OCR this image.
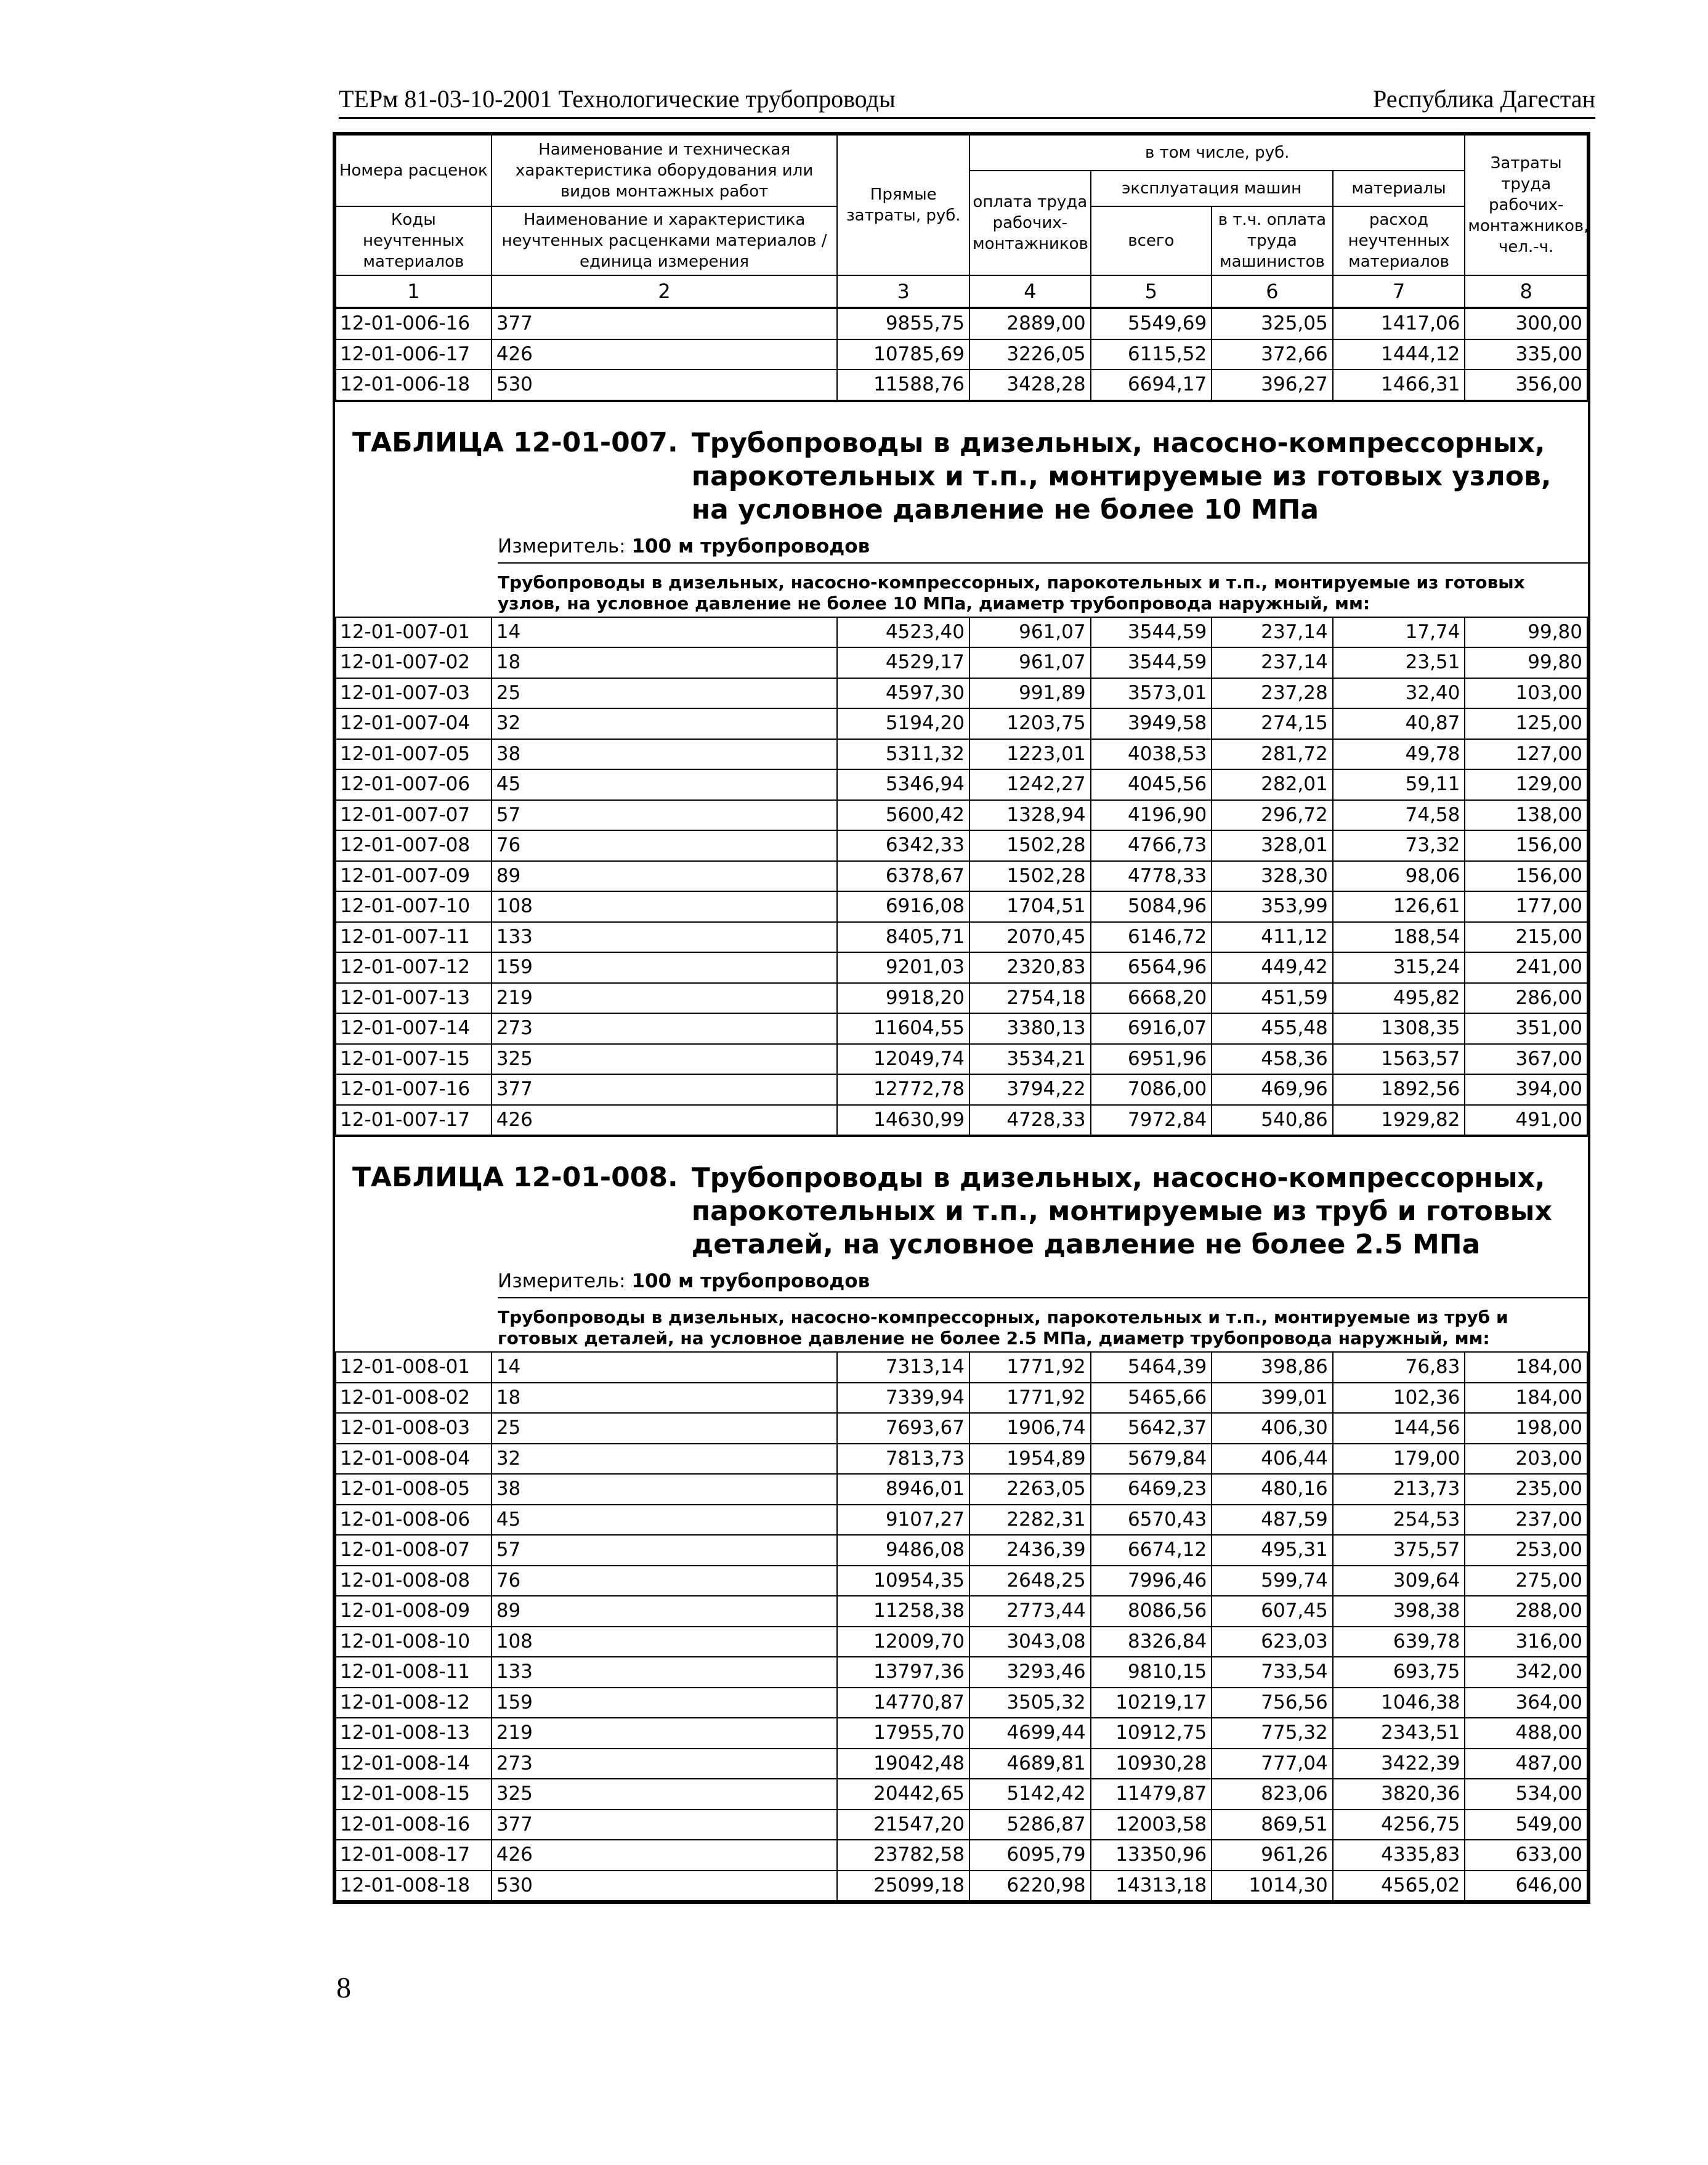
ТЕРм 81-03-10-2001 Технологические трубопроводы	Республика Дагестан
Номера расценок	Наименование и техническая характеристика оборудования или видов монтажных работ	Прямые затраты, руб.	в том числе, руб.				Затраты труда рабочих-монтажников, чел.-ч.
			оплата труда рабочих-монтажников	эксплуатация машин		материалы	
Коды неучтенных материалов	Наименование и характеристика неучтенных расценками материалов / единица измерения			всего	в т.ч. оплата труда машинистов	расход неучтенных материалов	

1	2	3	4	5	6	7	8
12-01-006-16	377	9855,75	2889,00	5549,69	325,05	1417,06	300,00
12-01-006-17	426	10785,69	3226,05	6115,52	372,66	1444,12	335,00
12-01-006-18	530	11588,76	3428,28	6694,17	396,27	1466,31	356,00
ТАБЛИЦА 12-01-007. Трубопроводы в дизельных, насосно-компрессорных, парокотельных и т.п., монтируемые из готовых узлов, на условное давление не более 10 МПа
Измеритель: 100 м трубопроводов
Трубопроводы в дизельных, насосно-компрессорных, парокотельных и т.п., монтируемые из готовых узлов, на условное давление не более 10 МПа, диаметр трубопровода наружный, мм:
12-01-007-01	14	4523,40	961,07	3544,59	237,14	17,74	99,80
12-01-007-02	18	4529,17	961,07	3544,59	237,14	23,51	99,80
12-01-007-03	25	4597,30	991,89	3573,01	237,28	32,40	103,00
12-01-007-04	32	5194,20	1203,75	3949,58	274,15	40,87	125,00
12-01-007-05	38	5311,32	1223,01	4038,53	281,72	49,78	127,00
12-01-007-06	45	5346,94	1242,27	4045,56	282,01	59,11	129,00
12-01-007-07	57	5600,42	1328,94	4196,90	296,72	74,58	138,00
12-01-007-08	76	6342,33	1502,28	4766,73	328,01	73,32	156,00
12-01-007-09	89	6378,67	1502,28	4778,33	328,30	98,06	156,00
12-01-007-10	108	6916,08	1704,51	5084,96	353,99	126,61	177,00
12-01-007-11	133	8405,71	2070,45	6146,72	411,12	188,54	215,00
12-01-007-12	159	9201,03	2320,83	6564,96	449,42	315,24	241,00
12-01-007-13	219	9918,20	2754,18	6668,20	451,59	495,82	286,00
12-01-007-14	273	11604,55	3380,13	6916,07	455,48	1308,35	351,00
12-01-007-15	325	12049,74	3534,21	6951,96	458,36	1563,57	367,00
12-01-007-16	377	12772,78	3794,22	7086,00	469,96	1892,56	394,00
12-01-007-17	426	14630,99	4728,33	7972,84	540,86	1929,82	491,00
ТАБЛИЦА 12-01-008. Трубопроводы в дизельных, насосно-компрессорных, парокотельных и т.п., монтируемые из труб и готовых деталей, на условное давление не более 2.5 МПа
Измеритель: 100 м трубопроводов
Трубопроводы в дизельных, насосно-компрессорных, парокотельных и т.п., монтируемые из труб и готовых деталей, на условное давление не более 2.5 МПа, диаметр трубопровода наружный, мм:
12-01-008-01	14	7313,14	1771,92	5464,39	398,86	76,83	184,00
12-01-008-02	18	7339,94	1771,92	5465,66	399,01	102,36	184,00
12-01-008-03	25	7693,67	1906,74	5642,37	406,30	144,56	198,00
12-01-008-04	32	7813,73	1954,89	5679,84	406,44	179,00	203,00
12-01-008-05	38	8946,01	2263,05	6469,23	480,16	213,73	235,00
12-01-008-06	45	9107,27	2282,31	6570,43	487,59	254,53	237,00
12-01-008-07	57	9486,08	2436,39	6674,12	495,31	375,57	253,00
12-01-008-08	76	10954,35	2648,25	7996,46	599,74	309,64	275,00
12-01-008-09	89	11258,38	2773,44	8086,56	607,45	398,38	288,00
12-01-008-10	108	12009,70	3043,08	8326,84	623,03	639,78	316,00
12-01-008-11	133	13797,36	3293,46	9810,15	733,54	693,75	342,00
12-01-008-12	159	14770,87	3505,32	10219,17	756,56	1046,38	364,00
12-01-008-13	219	17955,70	4699,44	10912,75	775,32	2343,51	488,00
12-01-008-14	273	19042,48	4689,81	10930,28	777,04	3422,39	487,00
12-01-008-15	325	20442,65	5142,42	11479,87	823,06	3820,36	534,00
12-01-008-16	377	21547,20	5286,87	12003,58	869,51	4256,75	549,00
12-01-008-17	426	23782,58	6095,79	13350,96	961,26	4335,83	633,00
12-01-008-18	530	25099,18	6220,98	14313,18	1014,30	4565,02	646,00
8
